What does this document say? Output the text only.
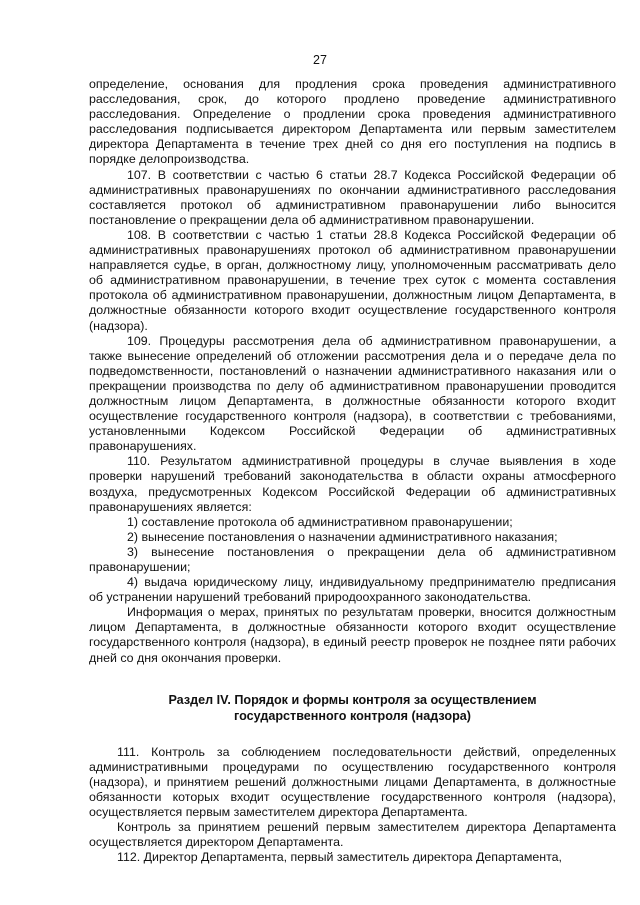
27

определение, основания для продления срока проведения административного расследования, срок, до которого продлено проведение административного расследования. Определение о продлении срока проведения административного расследования подписывается директором Департамента или первым заместителем директора Департамента в течение трех дней со дня его поступления на подпись в порядке делопроизводства.

107. В соответствии с частью 6 статьи 28.7 Кодекса Российской Федерации об административных правонарушениях по окончании административного расследования составляется протокол об административном правонарушении либо выносится постановление о прекращении дела об административном правонарушении.

108. В соответствии с частью 1 статьи 28.8 Кодекса Российской Федерации об административных правонарушениях протокол об административном правонарушении направляется судье, в орган, должностному лицу, уполномоченным рассматривать дело об административном правонарушении, в течение трех суток с момента составления протокола об административном правонарушении, должностным лицом Департамента, в должностные обязанности которого входит осуществление государственного контроля (надзора).

109. Процедуры рассмотрения дела об административном правонарушении, а также вынесение определений об отложении рассмотрения дела и о передаче дела по подведомственности, постановлений о назначении административного наказания или о прекращении производства по делу об административном правонарушении проводится должностным лицом Департамента, в должностные обязанности которого входит осуществление государственного контроля (надзора), в соответствии с требованиями, установленными Кодексом Российской Федерации об административных правонарушениях.

110. Результатом административной процедуры в случае выявления в ходе проверки нарушений требований законодательства в области охраны атмосферного воздуха, предусмотренных Кодексом Российской Федерации об административных правонарушениях является:

1) составление протокола об административном правонарушении;

2) вынесение постановления о назначении административного наказания;

3) вынесение постановления о прекращении дела об административном правонарушении;

4) выдача юридическому лицу, индивидуальному предпринимателю предписания об устранении нарушений требований природоохранного законодательства.

Информация о мерах, принятых по результатам проверки, вносится должностным лицом Департамента, в должностные обязанности которого входит осуществление государственного контроля (надзора), в единый реестр проверок не позднее пяти рабочих дней со дня окончания проверки.

Раздел IV. Порядок и формы контроля за осуществлением
государственного контроля (надзора)

111. Контроль за соблюдением последовательности действий, определенных административными процедурами по осуществлению государственного контроля (надзора), и принятием решений должностными лицами Департамента, в должностные обязанности которых входит осуществление государственного контроля (надзора), осуществляется первым заместителем директора Департамента.

Контроль за принятием решений первым заместителем директора Департамента осуществляется директором Департамента.

112. Директор Департамента, первый заместитель директора Департамента,
